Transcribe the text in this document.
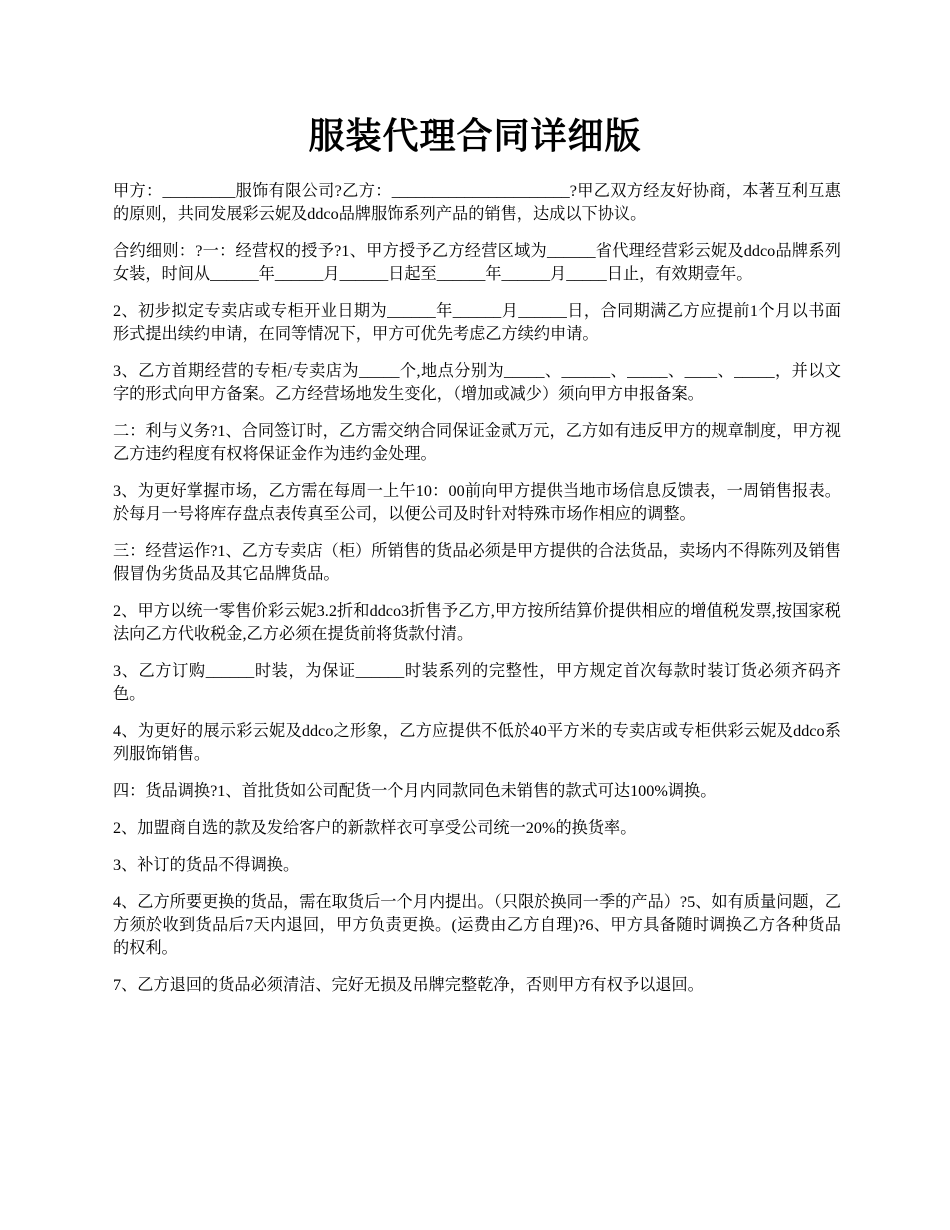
服装代理合同详细版

甲方：_________服饰有限公司?乙方：______________________?甲乙双方经友好协商，本著互利互惠的原则，共同发展彩云妮及ddco品牌服饰系列产品的销售，达成以下协议。

合约细则：?一：经营权的授予?1、甲方授予乙方经营区域为______省代理经营彩云妮及ddco品牌系列女装，时间从______年______月______日起至______年______月_____日止，有效期壹年。

2、初步拟定专卖店或专柜开业日期为______年______月______日，合同期满乙方应提前1个月以书面形式提出续约申请，在同等情况下，甲方可优先考虑乙方续约申请。

3、乙方首期经营的专柜/专卖店为_____个,地点分别为_____、______、_____、____、_____，并以文字的形式向甲方备案。乙方经营场地发生变化，（增加或减少）须向甲方申报备案。

二：利与义务?1、合同签订时，乙方需交纳合同保证金贰万元，乙方如有违反甲方的规章制度，甲方视乙方违约程度有权将保证金作为违约金处理。

3、为更好掌握市场，乙方需在每周一上午10：00前向甲方提供当地市场信息反馈表，一周销售报表。於每月一号将库存盘点表传真至公司，以便公司及时针对特殊市场作相应的调整。

三：经营运作?1、乙方专卖店（柜）所销售的货品必须是甲方提供的合法货品，卖场内不得陈列及销售假冒伪劣货品及其它品牌货品。

2、甲方以统一零售价彩云妮3.2折和ddco3折售予乙方,甲方按所结算价提供相应的增值税发票,按国家税法向乙方代收税金,乙方必须在提货前将货款付清。

3、乙方订购______时装，为保证______时装系列的完整性，甲方规定首次每款时装订货必须齐码齐色。

4、为更好的展示彩云妮及ddco之形象，乙方应提供不低於40平方米的专卖店或专柜供彩云妮及ddco系列服饰销售。

四：货品调换?1、首批货如公司配货一个月内同款同色未销售的款式可达100%调换。

2、加盟商自选的款及发给客户的新款样衣可享受公司统一20%的换货率。

3、补订的货品不得调换。

4、乙方所要更换的货品，需在取货后一个月内提出。（只限於换同一季的产品）?5、如有质量问题，乙方须於收到货品后7天内退回，甲方负责更换。(运费由乙方自理)?6、甲方具备随时调换乙方各种货品的权利。

7、乙方退回的货品必须清洁、完好无损及吊牌完整乾净，否则甲方有权予以退回。
